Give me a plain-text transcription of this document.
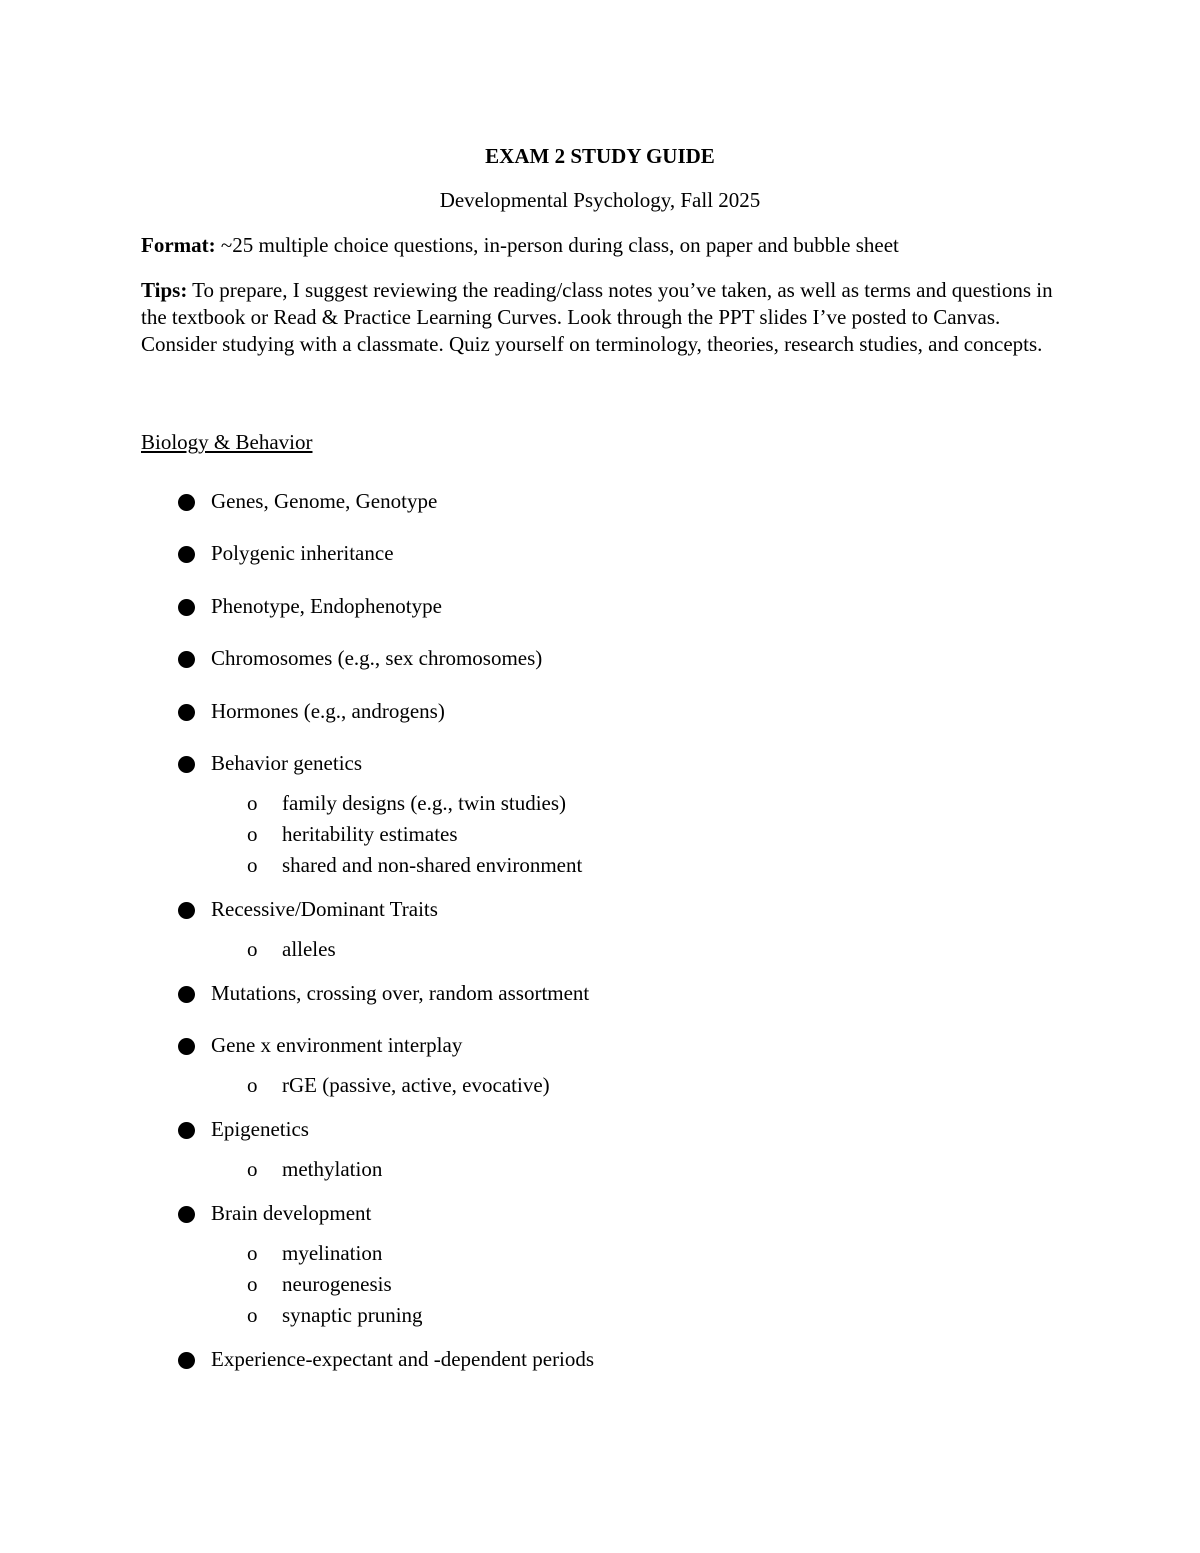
EXAM 2 STUDY GUIDE
Developmental Psychology, Fall 2025
Format: ~25 multiple choice questions, in-person during class, on paper and bubble sheet
Tips: To prepare, I suggest reviewing the reading/class notes you’ve taken, as well as terms and questions in the textbook or Read & Practice Learning Curves. Look through the PPT slides I’ve posted to Canvas. Consider studying with a classmate. Quiz yourself on terminology, theories, research studies, and concepts.
Biology & Behavior
Genes, Genome, Genotype
Polygenic inheritance
Phenotype, Endophenotype
Chromosomes (e.g., sex chromosomes)
Hormones (e.g., androgens)
Behavior genetics
o family designs (e.g., twin studies)
o heritability estimates
o shared and non-shared environment
Recessive/Dominant Traits
o alleles
Mutations, crossing over, random assortment
Gene x environment interplay
o rGE (passive, active, evocative)
Epigenetics
o methylation
Brain development
o myelination
o neurogenesis
o synaptic pruning
Experience-expectant and -dependent periods
